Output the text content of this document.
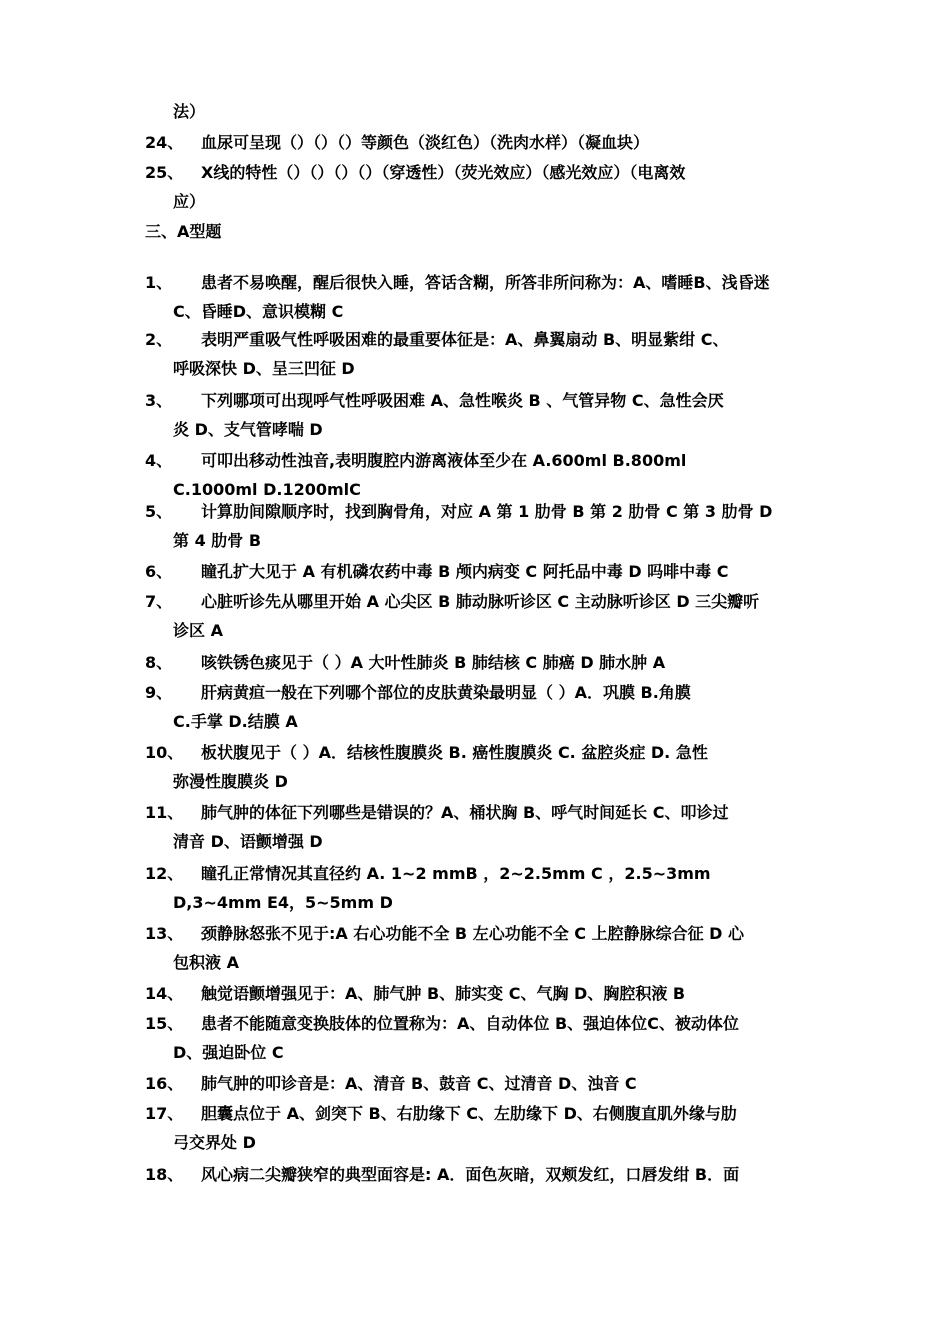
法）
24、 血尿可呈现（）（）（）等颜色（淡红色）（洗肉水样）（凝血块）
25、 X线的特性（）（）（）（）（穿透性）（荧光效应）（感光效应）（电离效
应）
三、A型题
1、 患者不易唤醒，醒后很快入睡，答话含糊，所答非所问称为：A、嗜睡B、浅昏迷
C、昏睡D、意识模糊 C
2、 表明严重吸气性呼吸困难的最重要体征是：A、鼻翼扇动 B、明显紫绀 C、
呼吸深快 D、呈三凹征 D
3、 下列哪项可出现呼气性呼吸困难 A、急性喉炎 B 、气管异物 C、急性会厌
炎 D、支气管哮喘 D
4、 可叩出移动性浊音,表明腹腔内游离液体至少在 A.600ml B.800ml
C.1000ml D.1200mlC
5、 计算肋间隙顺序时，找到胸骨角，对应 A 第 1 肋骨 B 第 2 肋骨 C 第 3 肋骨 D
第 4 肋骨 B
6、 瞳孔扩大见于 A 有机磷农药中毒 B 颅内病变 C 阿托品中毒 D 吗啡中毒 C
7、 心脏听诊先从哪里开始 A 心尖区 B 肺动脉听诊区 C 主动脉听诊区 D 三尖瓣听
诊区 A
8、 咳铁锈色痰见于（ ）A 大叶性肺炎 B 肺结核 C 肺癌 D 肺水肿 A
9、 肝病黄疸一般在下列哪个部位的皮肤黄染最明显（ ）A．巩膜 B.角膜
C.手掌 D.结膜 A
10、 板状腹见于（ ）A．结核性腹膜炎 B. 癌性腹膜炎 C. 盆腔炎症 D. 急性
弥漫性腹膜炎 D
11、 肺气肿的体征下列哪些是错误的？A、桶状胸 B、呼气时间延长 C、叩诊过
清音 D、语颤增强 D
12、 瞳孔正常情况其直径约 A. 1~2 mmB ，2~2.5mm C ，2.5~3mm
D,3~4mm E4，5~5mm D
13、 颈静脉怒张不见于:A 右心功能不全 B 左心功能不全 C 上腔静脉综合征 D 心
包积液 A
14、 触觉语颤增强见于：A、肺气肿 B、肺实变 C、气胸 D、胸腔积液 B
15、 患者不能随意变换肢体的位置称为：A、自动体位 B、强迫体位C、被动体位
D、强迫卧位 C
16、 肺气肿的叩诊音是：A、清音 B、鼓音 C、过清音 D、浊音 C
17、 胆囊点位于 A、剑突下 B、右肋缘下 C、左肋缘下 D、右侧腹直肌外缘与肋
弓交界处 D
18、 风心病二尖瓣狭窄的典型面容是: A．面色灰暗，双颊发红，口唇发绀 B．面
